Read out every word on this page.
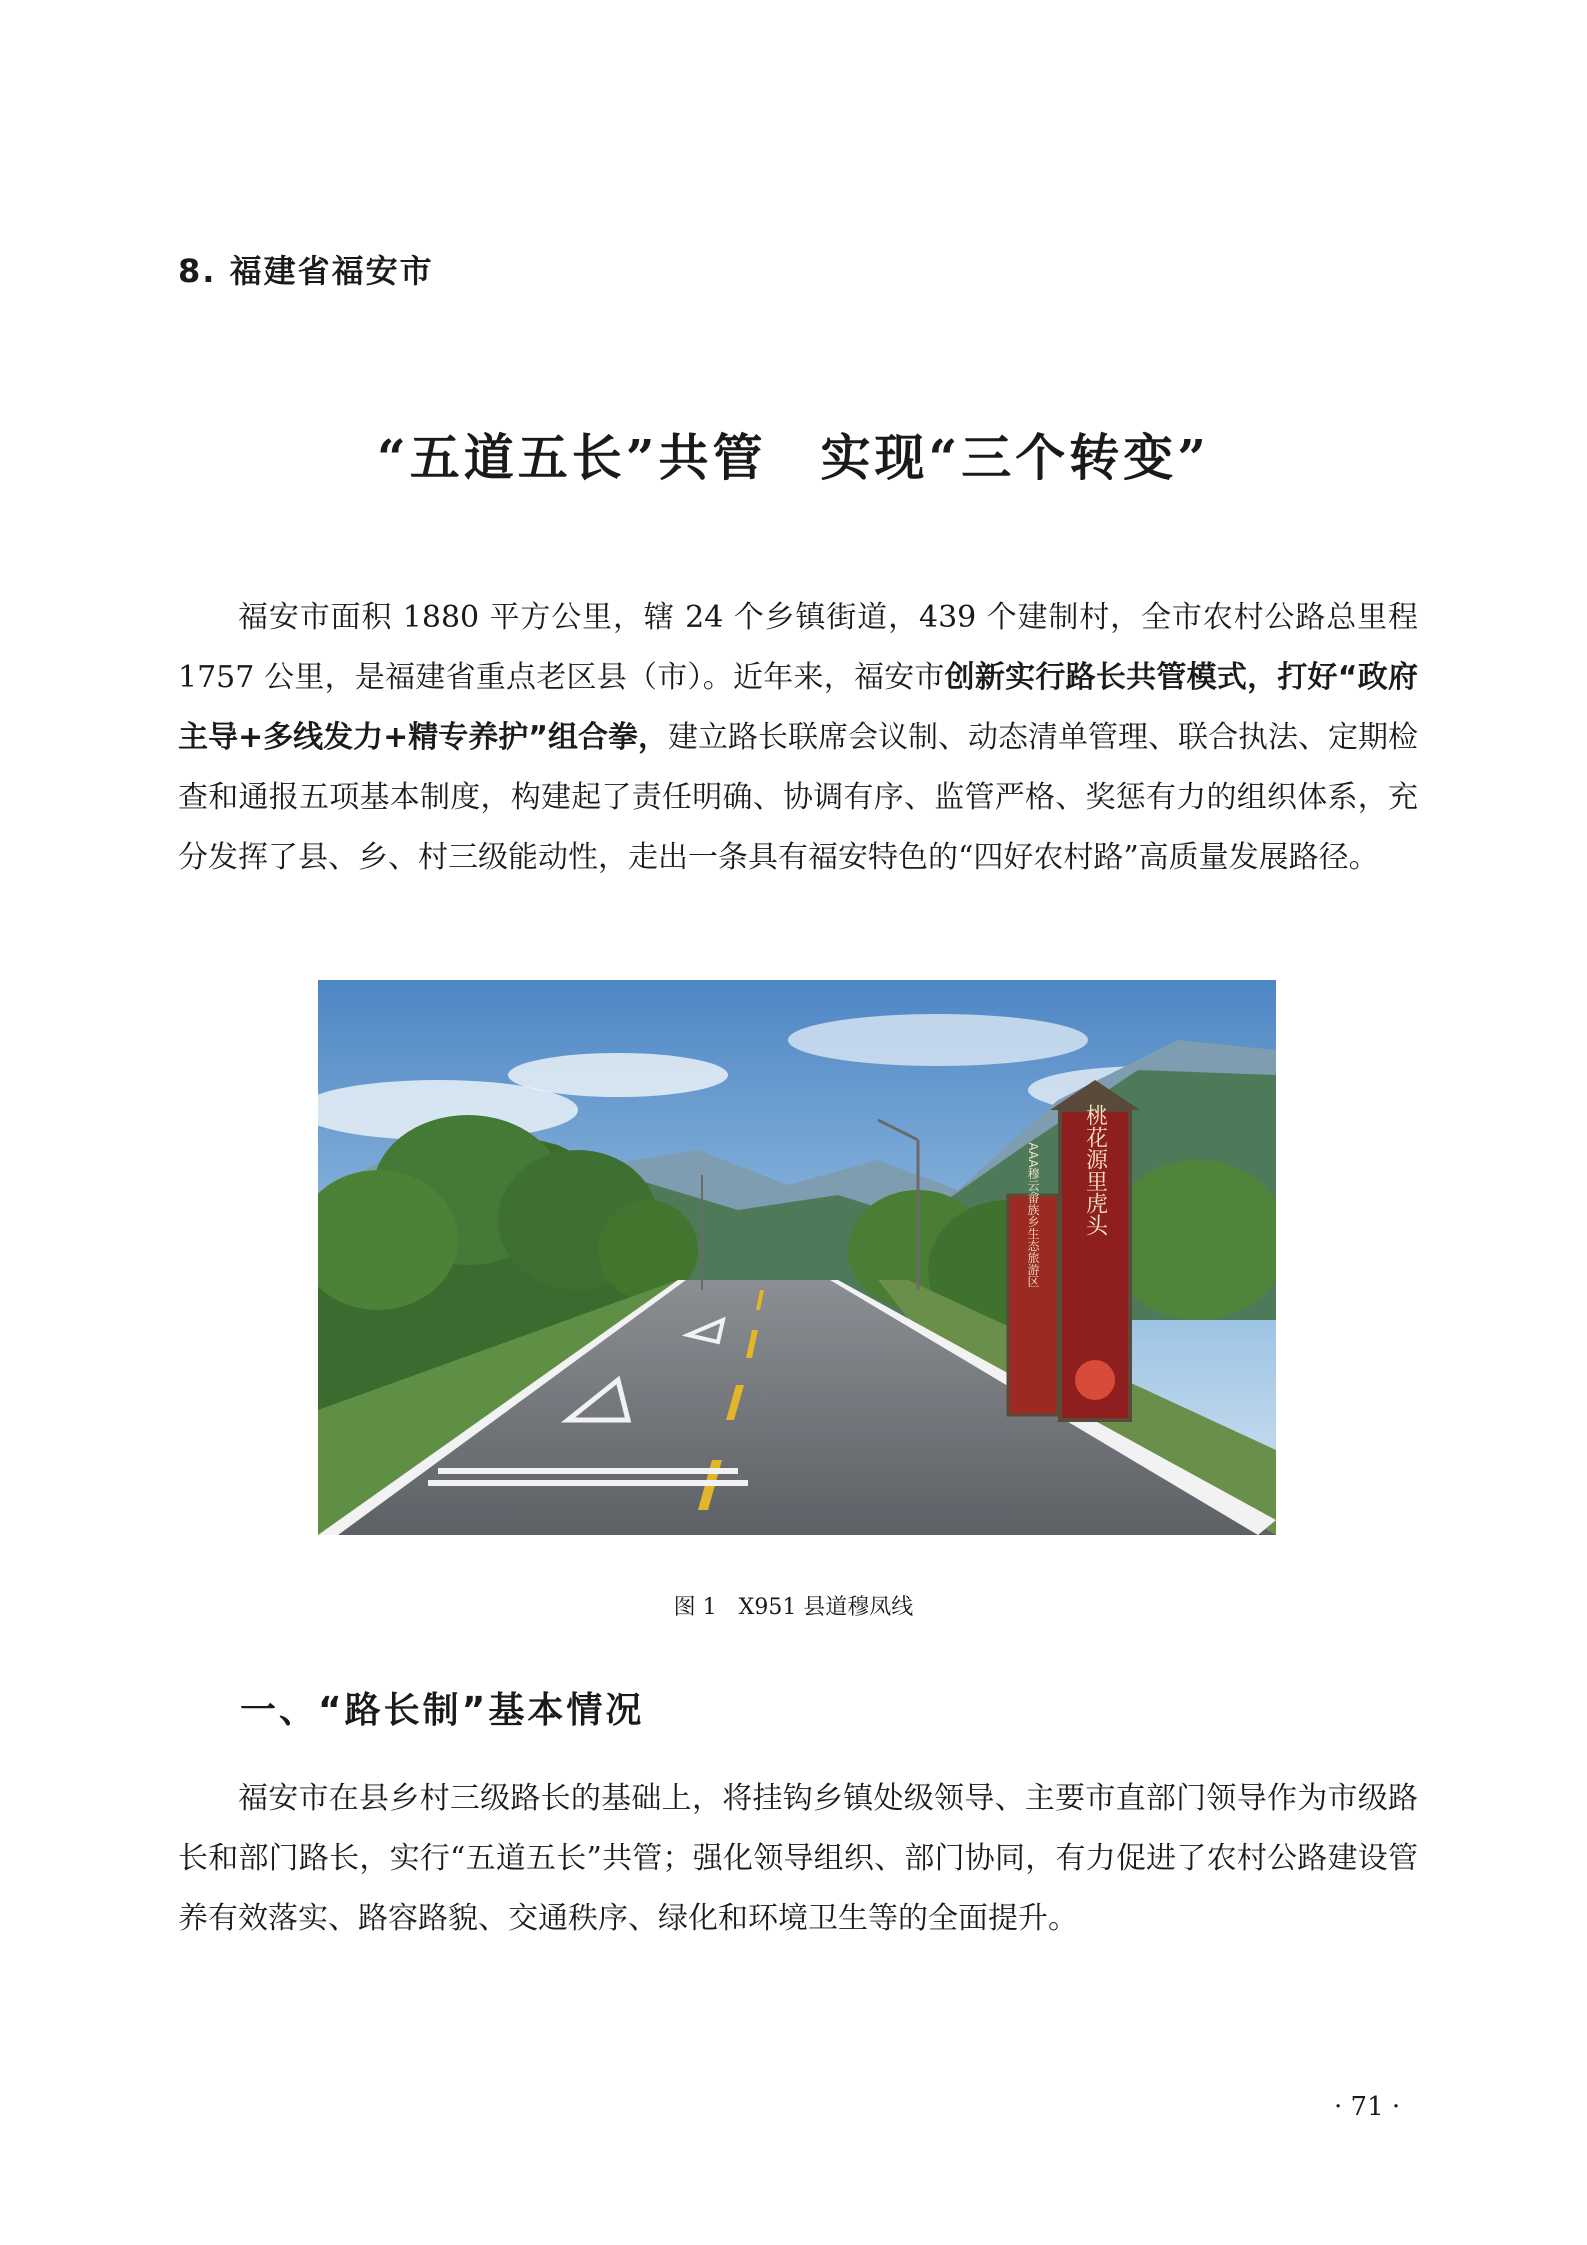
8. 福建省福安市
“五道五长”共管　实现“三个转变”

福安市面积 1880 平方公里，辖 24 个乡镇街道，439 个建制村，全市农村公路总里程 1757 公里，是福建省重点老区县（市）。近年来，福安市创新实行路长共管模式，打好“政府主导+多线发力+精专养护”组合拳，建立路长联席会议制、动态清单管理、联合执法、定期检查和通报五项基本制度，构建起了责任明确、协调有序、监管严格、奖惩有力的组织体系，充分发挥了县、乡、村三级能动性，走出一条具有福安特色的“四好农村路”高质量发展路径。

桃花源里虎头
AAA穆云畲族乡生态旅游区
图 1　X951 县道穆凤线
一、“路长制”基本情况

福安市在县乡村三级路长的基础上，将挂钩乡镇处级领导、主要市直部门领导作为市级路长和部门路长，实行“五道五长”共管；强化领导组织、部门协同，有力促进了农村公路建设管养有效落实、路容路貌、交通秩序、绿化和环境卫生等的全面提升。

· 71 ·
